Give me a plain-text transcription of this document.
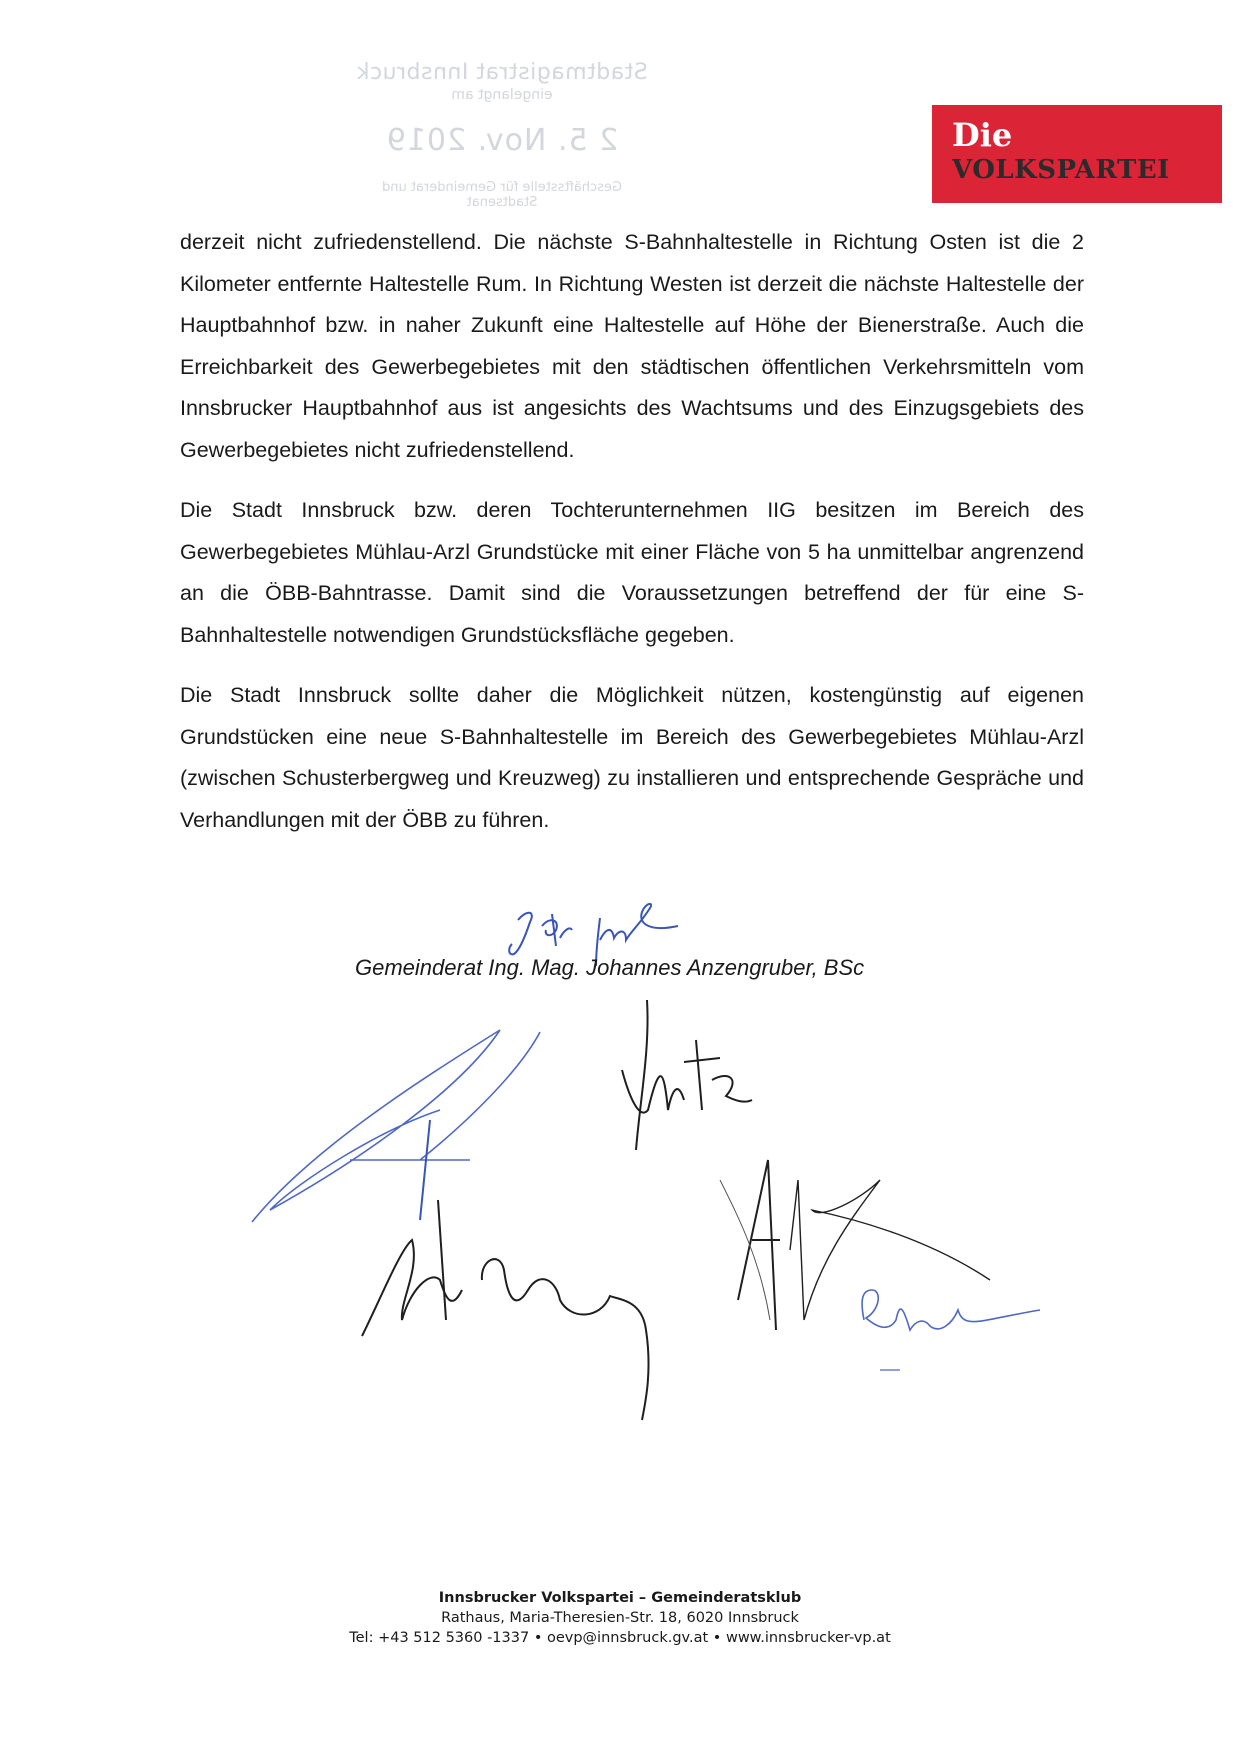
Stadtmagistrat Innsbruck
eingelangt am
2 5. Nov. 2019
Geschäftsstelle für Gemeinderat und Stadtsenat
Die
VOLKSPARTEI

derzeit nicht zufriedenstellend. Die nächste S-Bahnhaltestelle in Richtung Osten ist die 2 Kilometer entfernte Haltestelle Rum. In Richtung Westen ist derzeit die nächste Haltestelle der Hauptbahnhof bzw. in naher Zukunft eine Haltestelle auf Höhe der Bienerstraße. Auch die Erreichbarkeit des Gewerbegebietes mit den städtischen öffentlichen Verkehrsmitteln vom Innsbrucker Hauptbahnhof aus ist angesichts des Wachtsums und des Einzugsgebiets des Gewerbegebietes nicht zufriedenstellend.

Die Stadt Innsbruck bzw. deren Tochterunternehmen IIG besitzen im Bereich des Gewerbegebietes Mühlau-Arzl Grundstücke mit einer Fläche von 5 ha unmittelbar angrenzend an die ÖBB-Bahntrasse. Damit sind die Voraussetzungen betreffend der für eine S-Bahnhaltestelle notwendigen Grundstücksfläche gegeben.

Die Stadt Innsbruck sollte daher die Möglichkeit nützen, kostengünstig auf eigenen Grundstücken eine neue S-Bahnhaltestelle im Bereich des Gewerbegebietes Mühlau-Arzl (zwischen Schusterbergweg und Kreuzweg) zu installieren und entsprechende Gespräche und Verhandlungen mit der ÖBB zu führen.

Gemeinderat Ing. Mag. Johannes Anzengruber, BSc
Innsbrucker Volkspartei – Gemeinderatsklub
Rathaus, Maria-Theresien-Str. 18, 6020 Innsbruck
Tel: +43 512 5360 -1337 • oevp@innsbruck.gv.at • www.innsbrucker-vp.at
